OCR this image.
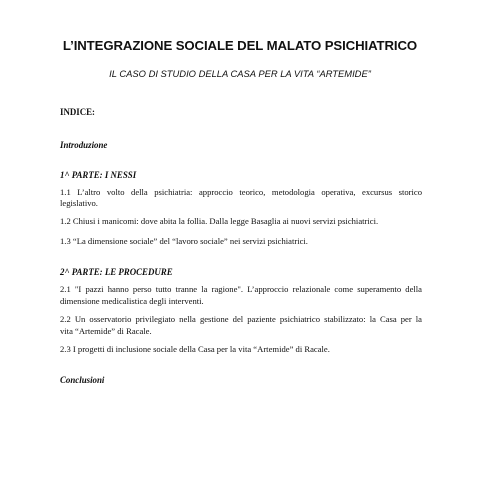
L’INTEGRAZIONE SOCIALE DEL MALATO PSICHIATRICO
IL CASO DI STUDIO DELLA CASA PER LA VITA “ARTEMIDE”
INDICE:
Introduzione
1^ PARTE: I NESSI
1.1 L’altro volto della psichiatria: approccio teorico, metodologia operativa, excursus storico
legislativo.
1.2 Chiusi i manicomi: dove abita la follia. Dalla legge Basaglia ai nuovi servizi psichiatrici.
1.3 “La dimensione sociale” del “lavoro sociale” nei servizi psichiatrici.
2^ PARTE: LE PROCEDURE
2.1 "I pazzi hanno perso tutto tranne la ragione". L’approccio relazionale come superamento della
dimensione medicalistica degli interventi.
2.2 Un osservatorio privilegiato nella gestione del paziente psichiatrico stabilizzato: la Casa per la
vita “Artemide” di Racale.
2.3 I progetti di inclusione sociale della Casa per la vita “Artemide” di Racale.
Conclusioni
